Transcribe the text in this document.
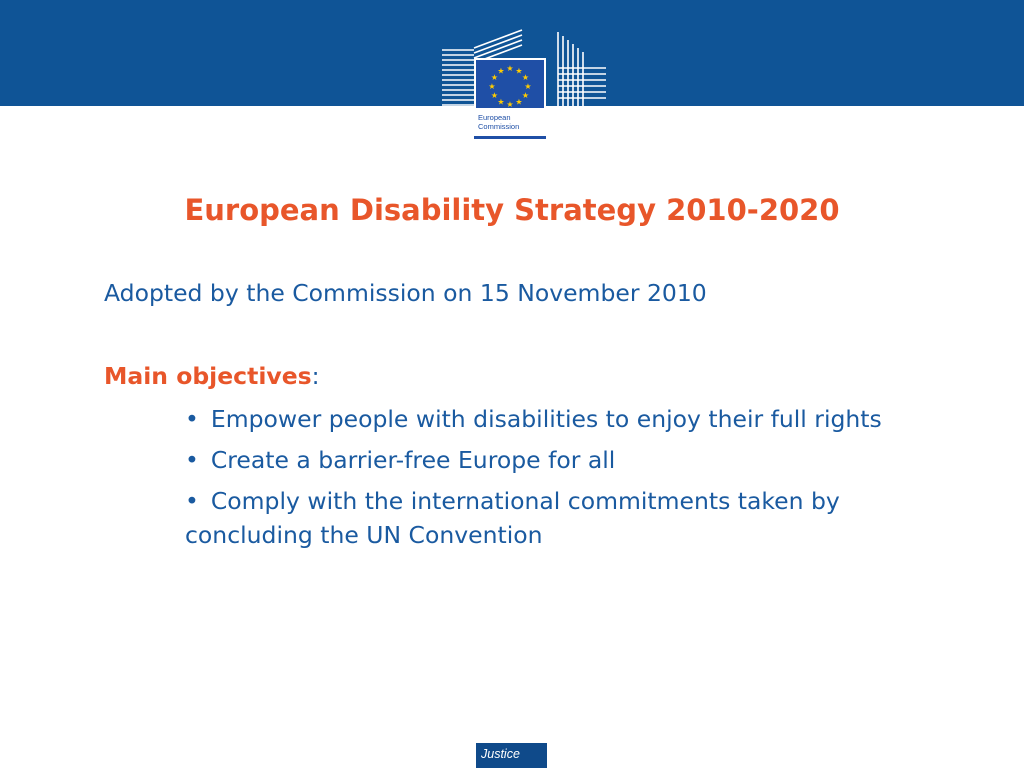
★ ★
★
★
★
★
★
★
★
★
★
★
European
Commission
European Disability Strategy 2010-2020
Adopted by the Commission on 15 November 2010
Main objectives:
• Empower people with disabilities to enjoy their full rights
• Create a barrier-free Europe for all
• Comply with the international commitments taken by concluding the UN Convention
Justice
